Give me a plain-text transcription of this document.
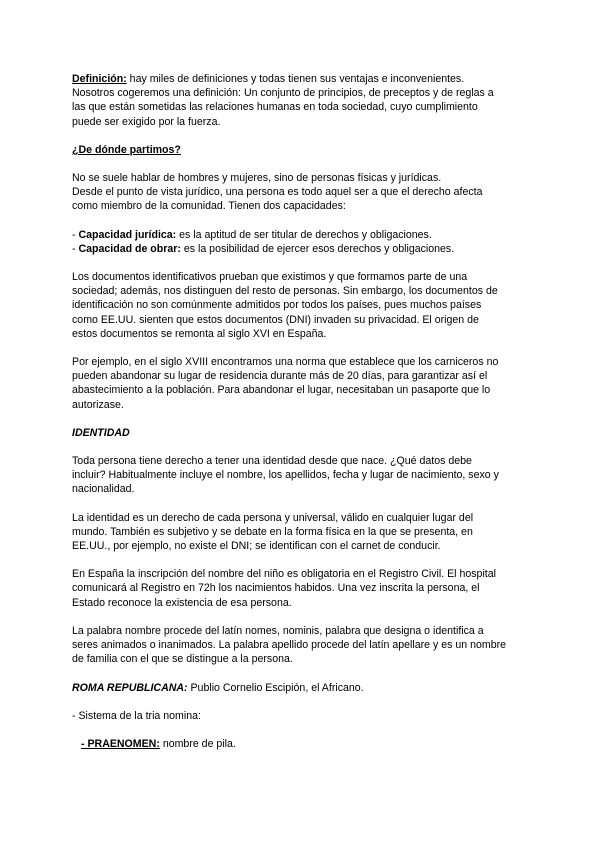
Definición: hay miles de definiciones y todas tienen sus ventajas e inconvenientes.
Nosotros cogeremos una definición: Un conjunto de principios, de preceptos y de reglas a
las que están sometidas las relaciones humanas en toda sociedad, cuyo cumplimiento
puede ser exigido por la fuerza.
¿De dónde partimos?
No se suele hablar de hombres y mujeres, sino de personas físicas y jurídicas.
Desde el punto de vista jurídico, una persona es todo aquel ser a que el derecho afecta
como miembro de la comunidad. Tienen dos capacidades:
- Capacidad jurídica: es la aptitud de ser titular de derechos y obligaciones.
- Capacidad de obrar: es la posibilidad de ejercer esos derechos y obligaciones.
Los documentos identificativos prueban que existimos y que formamos parte de una
sociedad; además, nos distinguen del resto de personas. Sin embargo, los documentos de
identificación no son comúnmente admitidos por todos los países, pues muchos países
como EE.UU. sienten que estos documentos (DNI) invaden su privacidad. El origen de
estos documentos se remonta al siglo XVI en España.
Por ejemplo, en el siglo XVIII encontramos una norma que establece que los carniceros no
pueden abandonar su lugar de residencia durante más de 20 días, para garantizar así el
abastecimiento a la población. Para abandonar el lugar, necesitaban un pasaporte que lo
autorizase.
IDENTIDAD
Toda persona tiene derecho a tener una identidad desde que nace. ¿Qué datos debe
incluir? Habitualmente incluye el nombre, los apellidos, fecha y lugar de nacimiento, sexo y
nacionalidad.
La identidad es un derecho de cada persona y universal, válido en cualquier lugar del
mundo. También es subjetivo y se debate en la forma física en la que se presenta, en
EE.UU., por ejemplo, no existe el DNI; se identifican con el carnet de conducir.
En España la inscripción del nombre del niño es obligatoria en el Registro Civil. El hospital
comunicará al Registro en 72h los nacimientos habidos. Una vez inscrita la persona, el
Estado reconoce la existencia de esa persona.
La palabra nombre procede del latín nomes, nominis, palabra que designa o identifica a
seres animados o inanimados. La palabra apellido procede del latín apellare y es un nombre
de familia con el que se distingue a la persona.
ROMA REPUBLICANA: Publio Cornelio Escipión, el Africano.
- Sistema de la tria nomina:
- PRAENOMEN: nombre de pila.
